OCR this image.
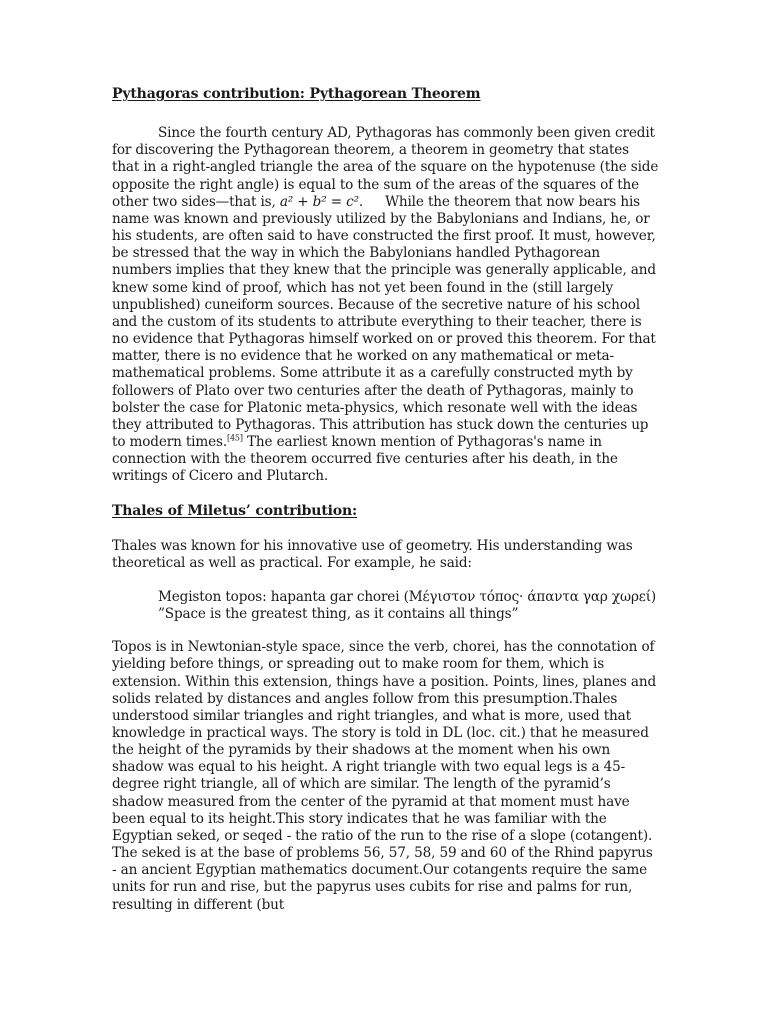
Pythagoras contribution: Pythagorean Theorem

Since the fourth century AD, Pythagoras has commonly been given credit for discovering the Pythagorean theorem, a theorem in geometry that states that in a right-angled triangle the area of the square on the hypotenuse (the side opposite the right angle) is equal to the sum of the areas of the squares of the other two sides—that is, a² + b² = c². While the theorem that now bears his name was known and previously utilized by the Babylonians and Indians, he, or his students, are often said to have constructed the first proof. It must, however, be stressed that the way in which the Babylonians handled Pythagorean numbers implies that they knew that the principle was generally applicable, and knew some kind of proof, which has not yet been found in the (still largely unpublished) cuneiform sources. Because of the secretive nature of his school and the custom of its students to attribute everything to their teacher, there is no evidence that Pythagoras himself worked on or proved this theorem. For that matter, there is no evidence that he worked on any mathematical or meta-mathematical problems. Some attribute it as a carefully constructed myth by followers of Plato over two centuries after the death of Pythagoras, mainly to bolster the case for Platonic meta-physics, which resonate well with the ideas they attributed to Pythagoras. This attribution has stuck down the centuries up to modern times.[45] The earliest known mention of Pythagoras's name in connection with the theorem occurred five centuries after his death, in the writings of Cicero and Plutarch.

Thales of Miletus’ contribution:

Thales was known for his innovative use of geometry. His understanding was theoretical as well as practical. For example, he said:

Megiston topos: hapanta gar chorei (Μέγιστον τόπος· άπαντα γαρ χωρεί)
”Space is the greatest thing, as it contains all things”

Topos is in Newtonian-style space, since the verb, chorei, has the connotation of yielding before things, or spreading out to make room for them, which is extension. Within this extension, things have a position. Points, lines, planes and solids related by distances and angles follow from this presumption.Thales understood similar triangles and right triangles, and what is more, used that knowledge in practical ways. The story is told in DL (loc. cit.) that he measured the height of the pyramids by their shadows at the moment when his own shadow was equal to his height. A right triangle with two equal legs is a 45-degree right triangle, all of which are similar. The length of the pyramid’s shadow measured from the center of the pyramid at that moment must have been equal to its height.This story indicates that he was familiar with the Egyptian seked, or seqed - the ratio of the run to the rise of a slope (cotangent). The seked is at the base of problems 56, 57, 58, 59 and 60 of the Rhind papyrus - an ancient Egyptian mathematics document.Our cotangents require the same units for run and rise, but the papyrus uses cubits for rise and palms for run, resulting in different (but
